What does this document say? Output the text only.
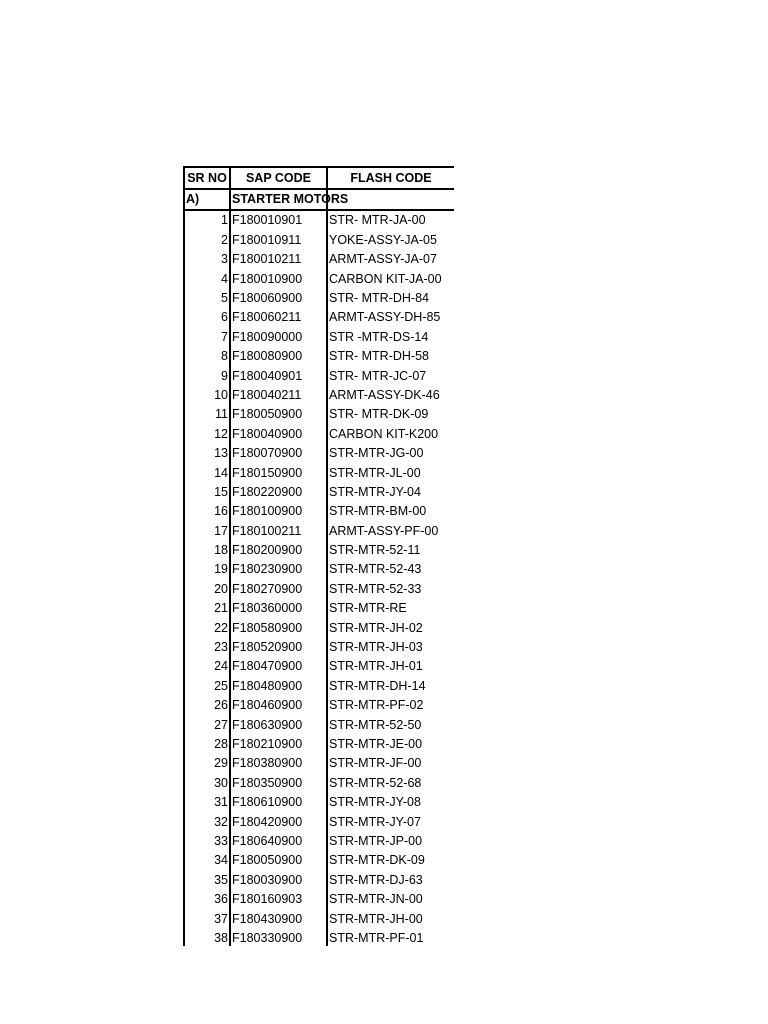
SR NO	SAP CODE	FLASH CODE
A)	STARTER MOTORS	
1	F180010901	STR- MTR-JA-00
2	F180010911	YOKE-ASSY-JA-05
3	F180010211	ARMT-ASSY-JA-07
4	F180010900	CARBON KIT-JA-00
5	F180060900	STR- MTR-DH-84
6	F180060211	ARMT-ASSY-DH-85
7	F180090000	STR -MTR-DS-14
8	F180080900	STR- MTR-DH-58
9	F180040901	STR- MTR-JC-07
10	F180040211	ARMT-ASSY-DK-46
11	F180050900	STR- MTR-DK-09
12	F180040900	CARBON KIT-K200
13	F180070900	STR-MTR-JG-00
14	F180150900	STR-MTR-JL-00
15	F180220900	STR-MTR-JY-04
16	F180100900	STR-MTR-BM-00
17	F180100211	ARMT-ASSY-PF-00
18	F180200900	STR-MTR-52-11
19	F180230900	STR-MTR-52-43
20	F180270900	STR-MTR-52-33
21	F180360000	STR-MTR-RE
22	F180580900	STR-MTR-JH-02
23	F180520900	STR-MTR-JH-03
24	F180470900	STR-MTR-JH-01
25	F180480900	STR-MTR-DH-14
26	F180460900	STR-MTR-PF-02
27	F180630900	STR-MTR-52-50
28	F180210900	STR-MTR-JE-00
29	F180380900	STR-MTR-JF-00
30	F180350900	STR-MTR-52-68
31	F180610900	STR-MTR-JY-08
32	F180420900	STR-MTR-JY-07
33	F180640900	STR-MTR-JP-00
34	F180050900	STR-MTR-DK-09
35	F180030900	STR-MTR-DJ-63
36	F180160903	STR-MTR-JN-00
37	F180430900	STR-MTR-JH-00
38	F180330900	STR-MTR-PF-01
